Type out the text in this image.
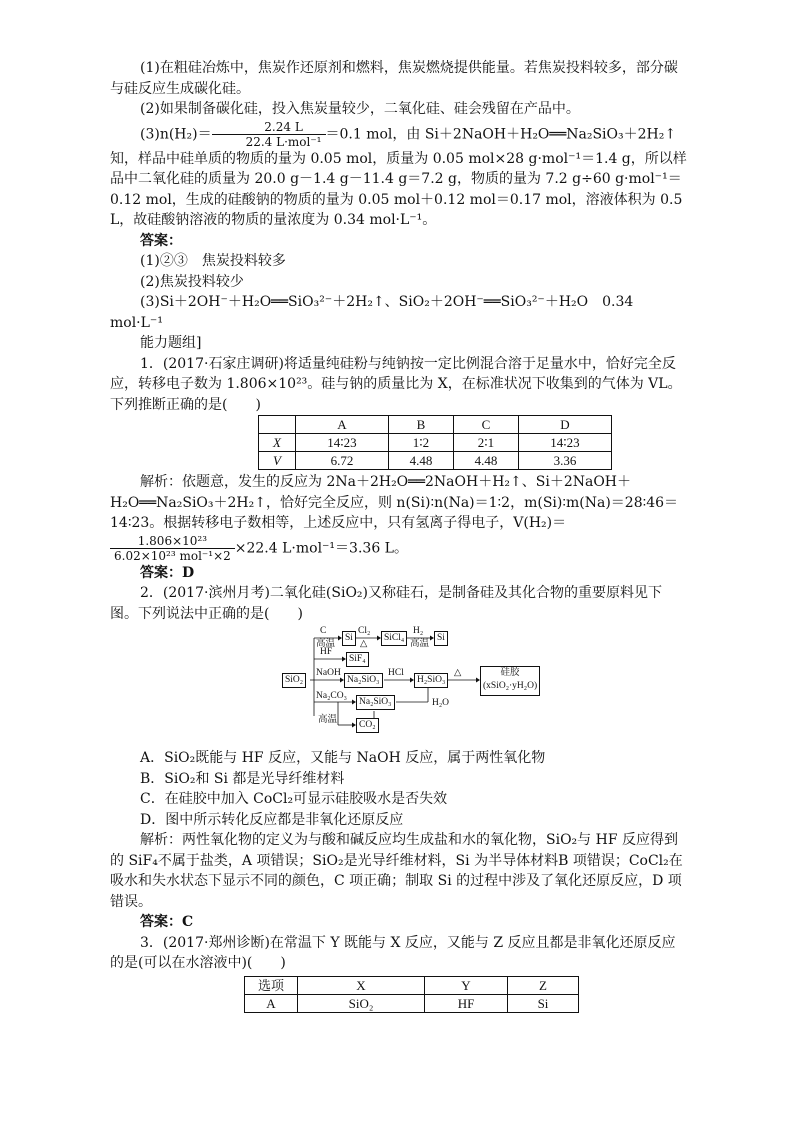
(1)在粗硅冶炼中，焦炭作还原剂和燃料，焦炭燃烧提供能量。若焦炭投料较多，部分碳与硅反应生成碳化硅。

(2)如果制备碳化硅，投入焦炭量较少，二氧化硅、硅会残留在产品中。

$(3)n(H_2)= \frac{2.24 L}{\text{22.4 L·mol⁻¹}} =0.1$ mol，由 Si＋2NaOH＋H₂O══Na₂SiO₃＋2H₂↑知，样品中硅单质的物质的量为 0.05 mol，质量为 0.05 mol×28 g·mol⁻¹＝1.4 g，所以样品中二氧化硅的质量为 20.0 g－1.4 g－11.4 g＝7.2 g，物质的量为 7.2 g÷60 g·mol⁻¹＝0.12 mol，生成的硅酸钠的物质的量为 0.05 mol＋0.12 mol＝0.17 mol，溶液体积为 0.5 L，故硅酸钠溶液的物质的量浓度为 0.34 mol·L⁻¹。

答案：

(1)②③　焦炭投料较多

(2)焦炭投料较少

(3)Si＋2OH⁻＋H₂O══SiO₃²⁻＋2H₂↑、SiO₂＋2OH⁻══SiO₃²⁻＋H₂O　0.34 mol·L⁻¹

能力题组]

1．(2017·石家庄调研)将适量纯硅粉与纯钠按一定比例混合溶于足量水中，恰好完全反应，转移电子数为 1.806×10²³。硅与钠的质量比为 X，在标准状况下收集到的气体为 VL。下列推断正确的是(　　)

	A	B	C	D
X	14∶23	1∶2	2∶1	14∶23
V	6.72	4.48	4.48	3.36

解析：依题意，发生的反应为 2Na＋2H₂O══2NaOH＋H₂↑、Si＋2NaOH＋H₂O══Na₂SiO₃＋2H₂↑，恰好完全反应，则 n(Si)∶n(Na)＝1∶2，m(Si)∶m(Na)＝28∶46＝14∶23。根据转移电子数相等，上述反应中，只有氢离子得电子，V(H₂)＝

$\frac{\text{1.806×10²³}}{\text{6.02×10²³ mol⁻¹×2}} \times 22.4$ L·mol⁻¹＝3.36 L。

答案：D

2．(2017·滨州月考)二氧化硅(SiO₂)又称硅石，是制备硅及其化合物的重要原料见下图。下列说法中正确的是(　　)

SiO₂
Si	SiCl₄	Si
SiF₄
Na₂SiO₃	H₂SiO₃
硅胶
(xSiO₂·yH₂O)
Na₂SiO₃
CO₂
C
高温
Cl₂
△
H₂
高温
HF
NaOH	HCl	△
Na₂CO₃
高温
H₂O

A．SiO₂既能与 HF 反应，又能与 NaOH 反应，属于两性氧化物

B．SiO₂和 Si 都是光导纤维材料

C．在硅胶中加入 CoCl₂可显示硅胶吸水是否失效

D．图中所示转化反应都是非氧化还原反应

解析：两性氧化物的定义为与酸和碱反应均生成盐和水的氧化物，SiO₂与 HF 反应得到的 SiF₄不属于盐类，A 项错误；SiO₂是光导纤维材料，Si 为半导体材料B 项错误；CoCl₂在吸水和失水状态下显示不同的颜色，C 项正确；制取 Si 的过程中涉及了氧化还原反应，D 项错误。

答案：C

3．(2017·郑州诊断)在常温下 Y 既能与 X 反应，又能与 Z 反应且都是非氧化还原反应的是(可以在水溶液中)(　　)

选项	X	Y	Z
A	SiO₂	HF	Si
